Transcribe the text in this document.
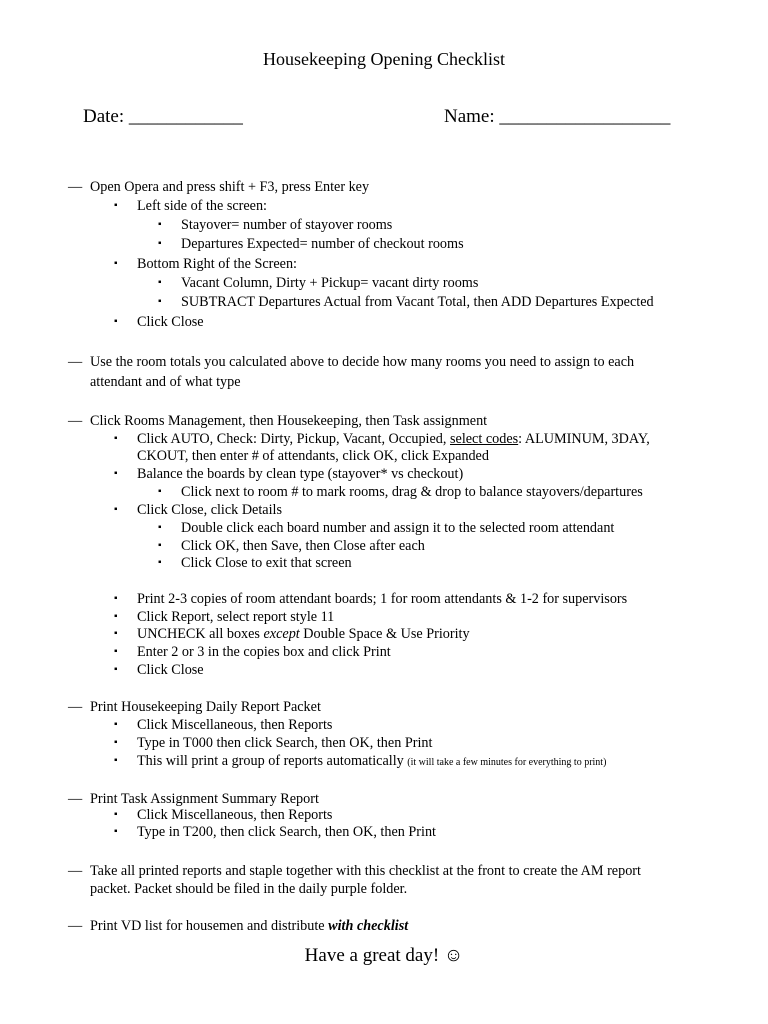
Housekeeping Opening Checklist
Date: ____________	Name: __________________
— Open Opera and press shift + F3, press Enter key
▪ Left side of the screen:
▪ Stayover= number of stayover rooms
▪ Departures Expected= number of checkout rooms
▪ Bottom Right of the Screen:
▪ Vacant Column, Dirty + Pickup= vacant dirty rooms
▪ SUBTRACT Departures Actual from Vacant Total, then ADD Departures Expected
▪ Click Close
— Use the room totals you calculated above to decide how many rooms you need to assign to each
attendant and of what type
— Click Rooms Management, then Housekeeping, then Task assignment
▪ Click AUTO, Check: Dirty, Pickup, Vacant, Occupied, select codes: ALUMINUM, 3DAY,
CKOUT, then enter # of attendants, click OK, click Expanded
▪ Balance the boards by clean type (stayover* vs checkout)
▪ Click next to room # to mark rooms, drag & drop to balance stayovers/departures
▪ Click Close, click Details
▪ Double click each board number and assign it to the selected room attendant
▪ Click OK, then Save, then Close after each
▪ Click Close to exit that screen
▪ Print 2-3 copies of room attendant boards; 1 for room attendants & 1-2 for supervisors
▪ Click Report, select report style 11
▪ UNCHECK all boxes except Double Space & Use Priority
▪ Enter 2 or 3 in the copies box and click Print
▪ Click Close
— Print Housekeeping Daily Report Packet
▪ Click Miscellaneous, then Reports
▪ Type in T000 then click Search, then OK, then Print
▪ This will print a group of reports automatically (it will take a few minutes for everything to print)
— Print Task Assignment Summary Report
▪ Click Miscellaneous, then Reports
▪ Type in T200, then click Search, then OK, then Print
— Take all printed reports and staple together with this checklist at the front to create the AM report
packet. Packet should be filed in the daily purple folder.
— Print VD list for housemen and distribute with checklist
Have a great day! ☺
